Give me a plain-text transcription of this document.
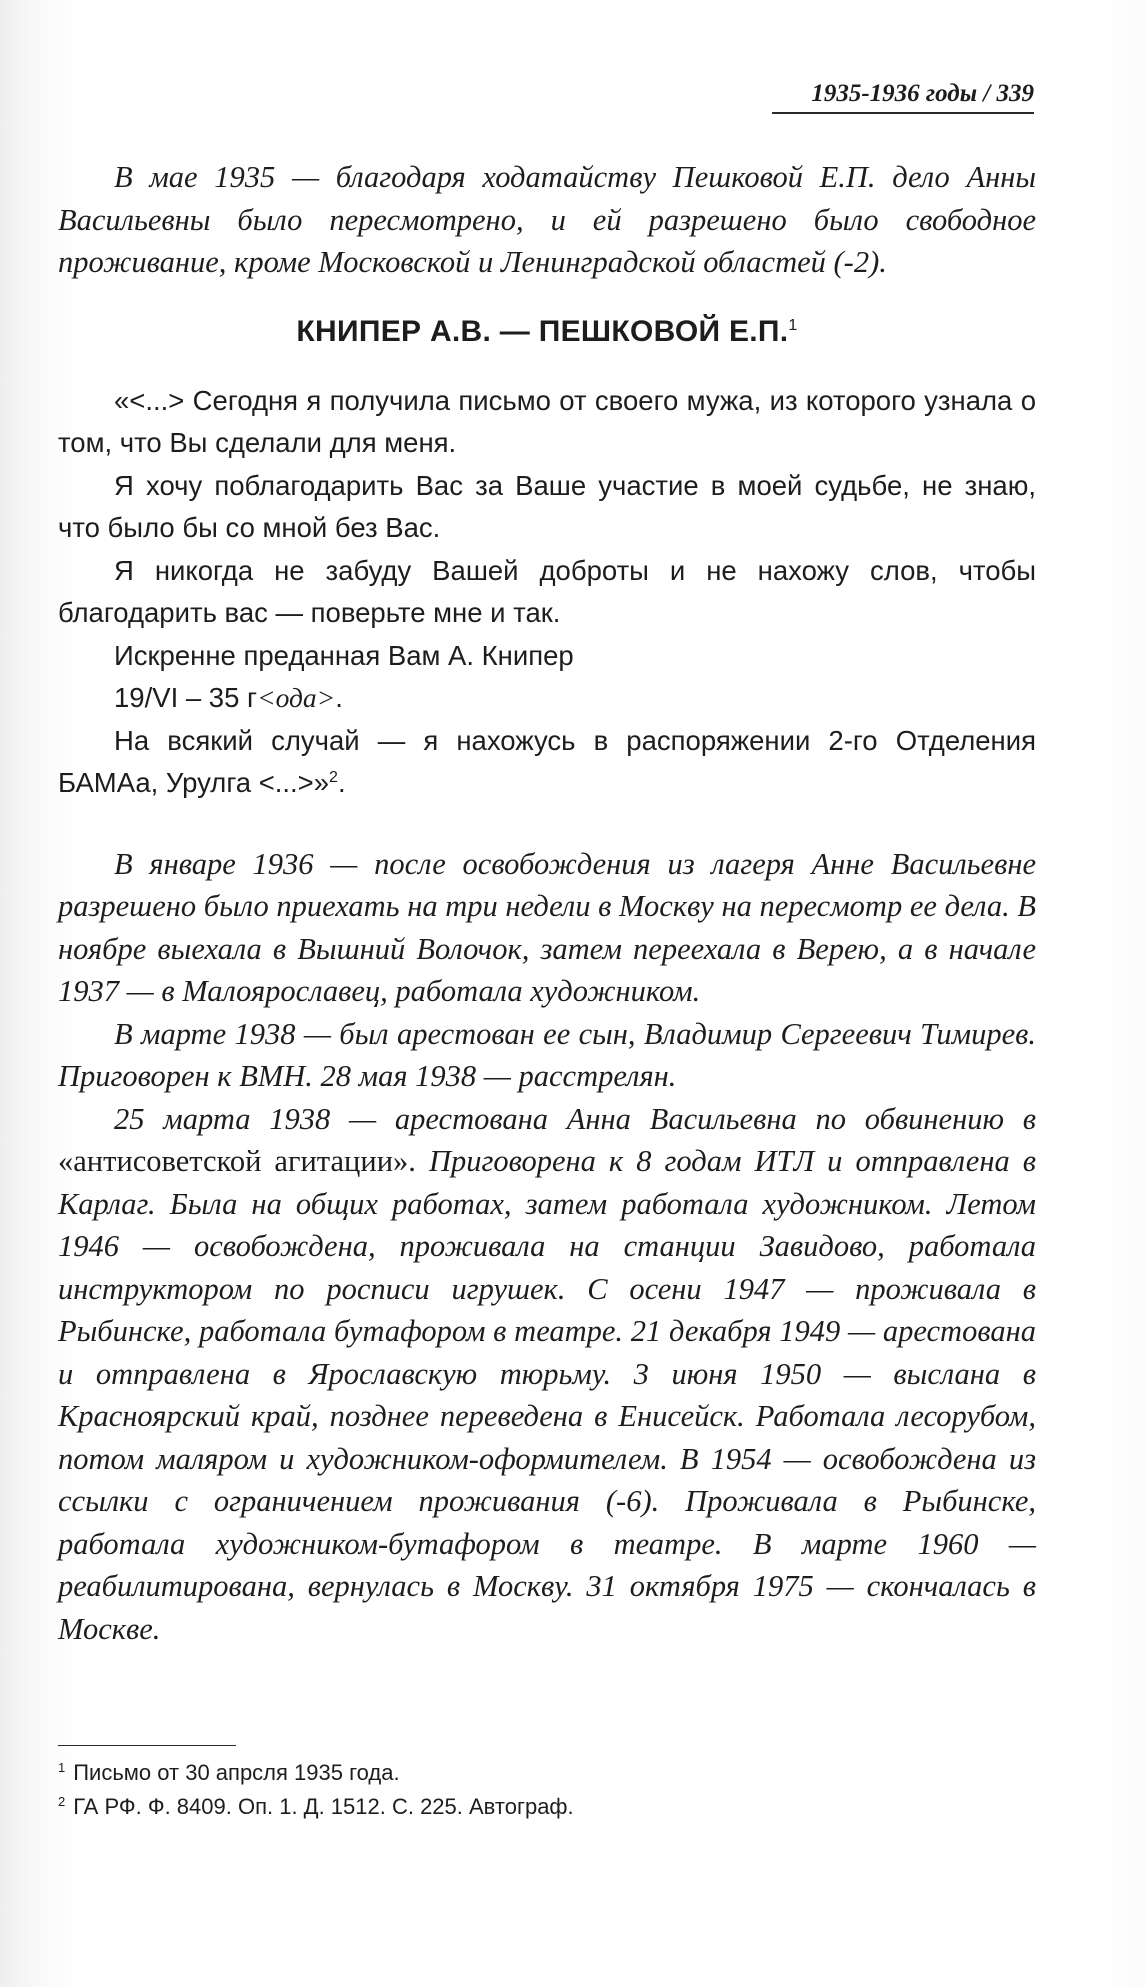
1935-1936 годы / 339

В мае 1935 — благодаря ходатайству Пешковой Е.П. дело Анны Васильевны было пересмотрено, и ей разрешено было свободное проживание, кроме Московской и Ленинградской областей (-2).

КНИПЕР А.В. — ПЕШКОВОЙ Е.П.$^1$

«<...> Сегодня я получила письмо от своего мужа, из которого узнала о том, что Вы сделали для меня.

Я хочу поблагодарить Вас за Ваше участие в моей судьбе, не знаю, что было бы со мной без Вас.

Я никогда не забуду Вашей доброты и не нахожу слов, чтобы благодарить вас — поверьте мне и так.

Искренне преданная Вам А. Книпер

19/VI – 35 г<ода>.

На всякий случай — я нахожусь в распоряжении 2-го Отделения БАМАа, Урулга <...>»$^2$.

В январе 1936 — после освобождения из лагеря Анне Васильевне разрешено было приехать на три недели в Москву на пересмотр ее дела. В ноябре выехала в Вышний Волочок, затем переехала в Верею, а в начале 1937 — в Малоярославец, работала художником.

В марте 1938 — был арестован ее сын, Владимир Сергеевич Тимирев. Приговорен к ВМН. 28 мая 1938 — расстрелян.

25 марта 1938 — арестована Анна Васильевна по обвинению в «антисоветской агитации». Приговорена к 8 годам ИТЛ и отправлена в Карлаг. Была на общих работах, затем работала художником. Летом 1946 — освобождена, проживала на станции Завидово, работала инструктором по росписи игрушек. С осени 1947 — проживала в Рыбинске, работала бутафором в театре. 21 декабря 1949 — арестована и отправлена в Ярославскую тюрьму. 3 июня 1950 — выслана в Красноярский край, позднее переведена в Енисейск. Работала лесорубом, потом маляром и художником-оформителем. В 1954 — освобождена из ссылки с ограничением проживания (-6). Проживала в Рыбинске, работала художником-бутафором в театре. В марте 1960 — реабилитирована, вернулась в Москву. 31 октября 1975 — скончалась в Москве.

$^1$ Письмо от 30 апрсля 1935 года.
$^2$ ГА РФ. Ф. 8409. Оп. 1. Д. 1512. С. 225. Автограф.
